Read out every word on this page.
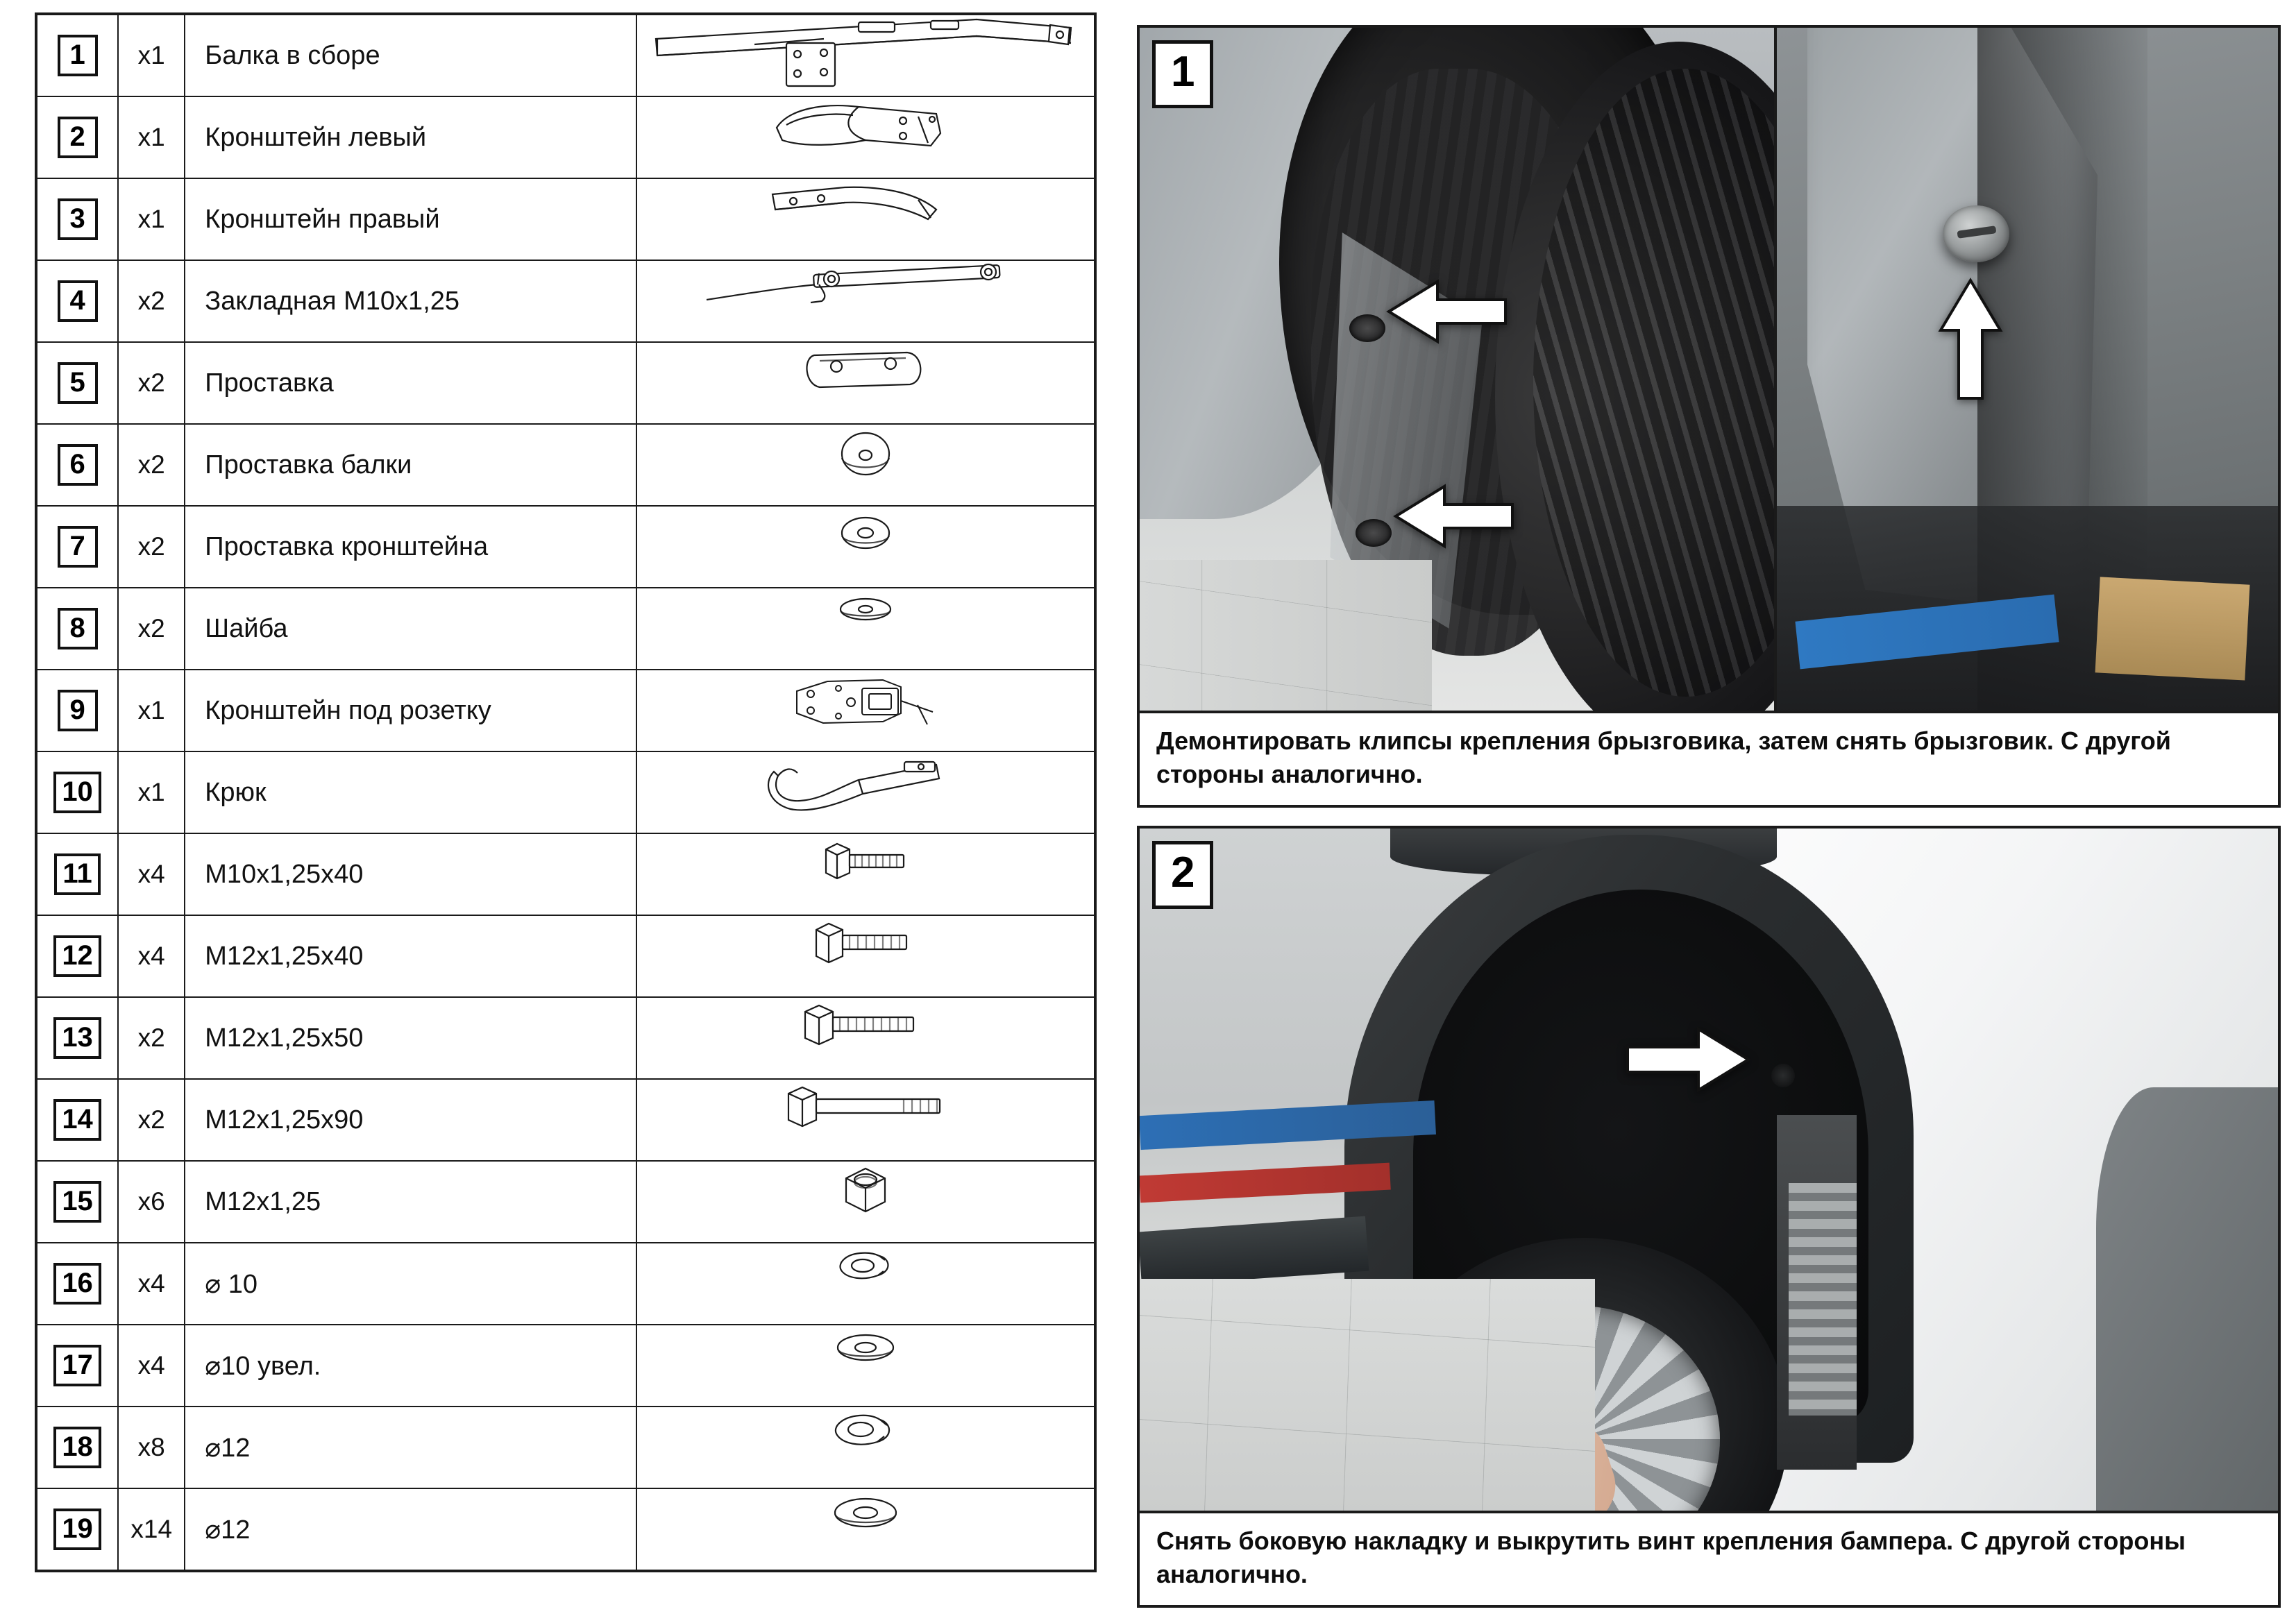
1	x1	Балка в сборе	

2	x1	Кронштейн левый	

3	x1	Кронштейн правый	

4	x2	Закладная M10x1,25	

5	x2	Проставка	

6	x2	Проставка балки	

7	x2	Проставка кронштейна	

8	x2	Шайба	

9	x1	Кронштейн под розетку	

10	x1	Крюк	

11	x4	M10x1,25x40	

12	x4	M12x1,25x40	

13	x2	M12x1,25x50	

14	x2	M12x1,25x90	

15	x6	M12x1,25	

16	x4	⌀ 10	

17	x4	⌀10 увел.	

18	x8	⌀12	

19	x14	⌀12	
1
Демонтировать клипсы крепления брызговика, затем снять брызговик. С другой стороны аналогично.
2
Снять боковую накладку и выкрутить винт крепления бампера. С другой стороны аналогично.
